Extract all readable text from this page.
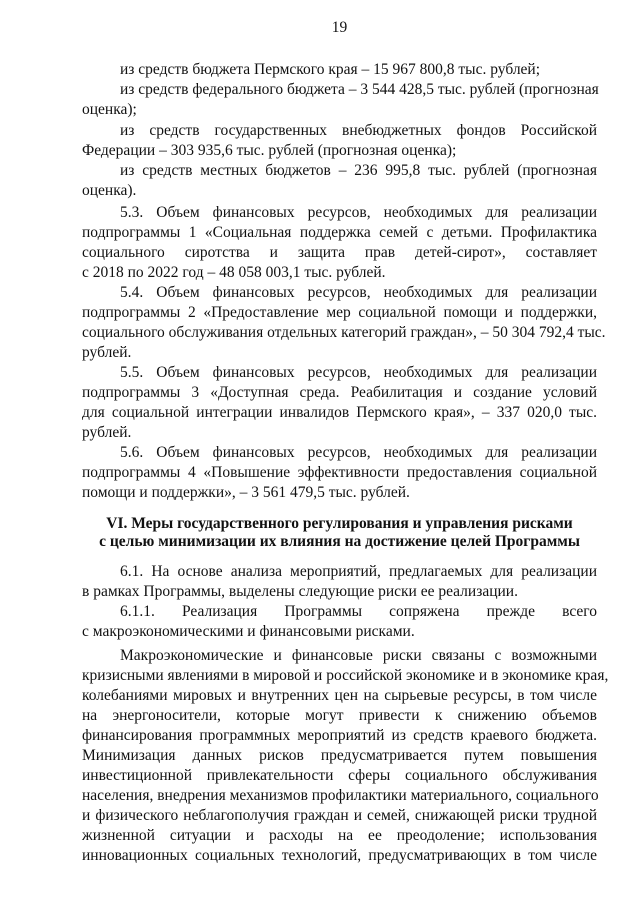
19
из средств бюджета Пермского края – 15 967 800,8 тыс. рублей;
из средств федерального бюджета – 3 544 428,5 тыс. рублей (прогнозная
оценка);
из средств государственных внебюджетных фондов Российской
Федерации – 303 935,6 тыс. рублей (прогнозная оценка);
из средств местных бюджетов – 236 995,8 тыс. рублей (прогнозная
оценка).
5.3. Объем финансовых ресурсов, необходимых для реализации
подпрограммы 1 «Социальная поддержка семей с детьми. Профилактика
социального сиротства и защита прав детей-сирот», составляет
с 2018 по 2022 год – 48 058 003,1 тыс. рублей.
5.4. Объем финансовых ресурсов, необходимых для реализации
подпрограммы 2 «Предоставление мер социальной помощи и поддержки,
социального обслуживания отдельных категорий граждан», – 50 304 792,4 тыс.
рублей.
5.5. Объем финансовых ресурсов, необходимых для реализации
подпрограммы 3 «Доступная среда. Реабилитация и создание условий
для социальной интеграции инвалидов Пермского края», – 337 020,0 тыс.
рублей.
5.6. Объем финансовых ресурсов, необходимых для реализации
подпрограммы 4 «Повышение эффективности предоставления социальной
помощи и поддержки», – 3 561 479,5 тыс. рублей.
VI. Меры государственного регулирования и управления рисками
с целью минимизации их влияния на достижение целей Программы
6.1. На основе анализа мероприятий, предлагаемых для реализации
в рамках Программы, выделены следующие риски ее реализации.
6.1.1. Реализация Программы сопряжена прежде всего
с макроэкономическими и финансовыми рисками.
Макроэкономические и финансовые риски связаны с возможными
кризисными явлениями в мировой и российской экономике и в экономике края,
колебаниями мировых и внутренних цен на сырьевые ресурсы, в том числе
на энергоносители, которые могут привести к снижению объемов
финансирования программных мероприятий из средств краевого бюджета.
Минимизация данных рисков предусматривается путем повышения
инвестиционной привлекательности сферы социального обслуживания
населения, внедрения механизмов профилактики материального, социального
и физического неблагополучия граждан и семей, снижающей риски трудной
жизненной ситуации и расходы на ее преодоление; использования
инновационных социальных технологий, предусматривающих в том числе
